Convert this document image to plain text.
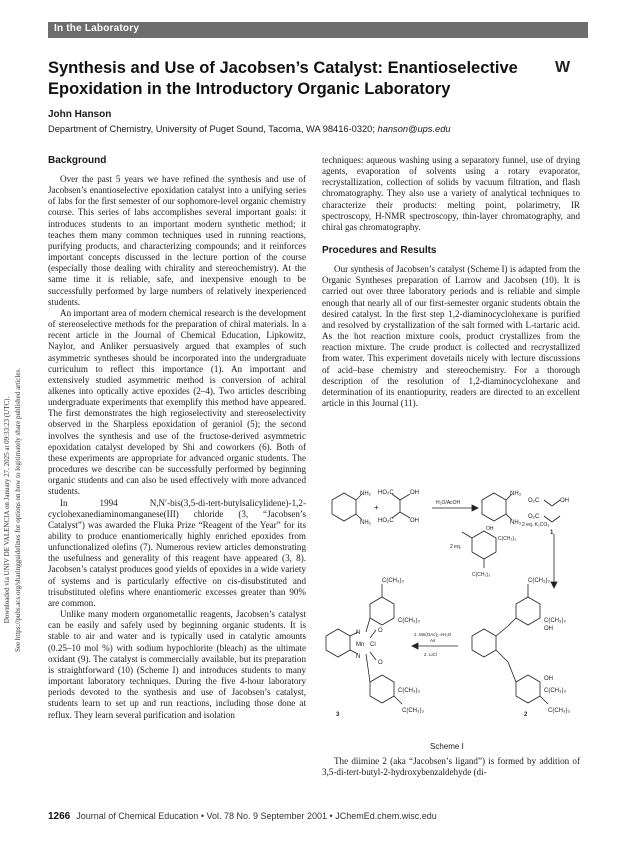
In the Laboratory
Synthesis and Use of Jacobsen’s Catalyst: Enantioselective Epoxidation in the Introductory Organic Laboratory
W
John Hanson
Department of Chemistry, University of Puget Sound, Tacoma, WA 98416-0320; hanson@ups.edu
Downloaded via UNIV DE VALENCIA on January 27, 2025 at 09:33:23 (UTC). See https://pubs.acs.org/sharingguidelines for options on how to legitimately share published articles.
Background

Over the past 5 years we have refined the synthesis and use of Jacobsen’s enantioselective epoxidation catalyst into a unifying series of labs for the first semester of our sophomore-level organic chemistry course. This series of labs accomplishes several important goals: it introduces students to an important modern synthetic method; it teaches them many common techniques used in running reactions, purifying products, and characterizing compounds; and it reinforces important concepts discussed in the lecture portion of the course (especially those dealing with chirality and stereochemistry). At the same time it is reliable, safe, and inexpensive enough to be successfully performed by large numbers of relatively inexperienced students.

An important area of modern chemical research is the development of stereoselective methods for the preparation of chiral materials. In a recent article in the Journal of Chemical Education, Lipkowitz, Naylor, and Anliker persuasively argued that examples of such asymmetric syntheses should be incorporated into the undergraduate curriculum to reflect this importance (1). An important and extensively studied asymmetric method is conversion of achiral alkenes into optically active epoxides (2–4). Two articles describing undergraduate experiments that exemplify this method have appeared. The first demonstrates the high regioselectivity and stereoselectivity observed in the Sharpless epoxidation of geraniol (5); the second involves the synthesis and use of the fructose-derived asymmetric epoxidation catalyst developed by Shi and coworkers (6). Both of these experiments are appropriate for advanced organic students. The procedures we describe can be successfully performed by beginning organic students and can also be used effectively with more advanced students.

In 1994 N,N′-bis(3,5-di-tert-butylsalicylidene)-1,2-cyclohexanediaminomanganese(III) chloride (3, “Jacobsen’s Catalyst”) was awarded the Fluka Prize “Reagent of the Year” for its ability to produce enantiomerically highly enriched epoxides from unfunctionalized olefins (7). Numerous review articles demonstrating the usefulness and generality of this reagent have appeared (3, 8). Jacobsen’s catalyst produces good yields of epoxides in a wide variety of systems and is particularly effective on cis-disubstituted and trisubstituted olefins where enantiomeric excesses greater than 90% are common.

Unlike many modern organometallic reagents, Jacobsen’s catalyst can be easily and safely used by beginning organic students. It is stable to air and water and is typically used in catalytic amounts (0.25–10 mol %) with sodium hypochlorite (bleach) as the ultimate oxidant (9). The catalyst is commercially available, but its preparation is straightforward (10) (Scheme I) and introduces students to many important laboratory techniques. During the five 4-hour laboratory periods devoted to the synthesis and use of Jacobsen’s catalyst, students learn to set up and run reactions, including those done at reflux. They learn several purification and isolation

techniques: aqueous washing using a separatory funnel, use of drying agents, evaporation of solvents using a rotary evaporator, recrystallization, collection of solids by vacuum filtration, and flash chromatography. They also use a variety of analytical techniques to characterize their products: melting point, polarimetry, IR spectroscopy, H-NMR spectroscopy, thin-layer chromatography, and chiral gas chromatography.

Procedures and Results

Our synthesis of Jacobsen’s catalyst (Scheme I) is adapted from the Organic Syntheses preparation of Larrow and Jacobsen (10). It is carried out over three laboratory periods and is reliable and simple enough that nearly all of our first-semester organic students obtain the desired catalyst. In the first step 1,2-diaminocyclohexane is purified and resolved by crystallization of the salt formed with L-tartaric acid. As the hot reaction mixture cools, product crystallizes from the reaction mixture. The crude product is collected and recrystallized from water. This experiment dovetails nicely with lecture discussions of acid–base chemistry and stereochemistry. For a thorough description of the resolution of 1,2-diaminocyclohexane and determination of its enantiopurity, readers are directed to an excellent article in this Journal (11).

NH₂
NH₂
+
HO₂C
HO₂C
OH
OH
H₂O/AcOH
NH₃
NH₃
O₂C
O₂C
OH
1
2 eq. K₂CO₃
2 eq.
OH
C(CH₃)₃
C(CH₃)₃
C(CH₃)₃
C(CH₃)₃
OH
OH
C(CH₃)₃
C(CH₃)₃
2
1. Mn(OAc)₂·4H₂O
Air
2. LiCl
C(CH₃)₃
C(CH₃)₃
O
Mn Cl
N
N
O
C(CH₃)₃
C(CH₃)₃
3
Scheme I

The diimine 2 (aka “Jacobsen’s ligand”) is formed by addition of 3,5-di-tert-butyl-2-hydroxybenzaldehyde (di-

1266 Journal of Chemical Education • Vol. 78 No. 9 September 2001 • JChemEd.chem.wisc.edu
